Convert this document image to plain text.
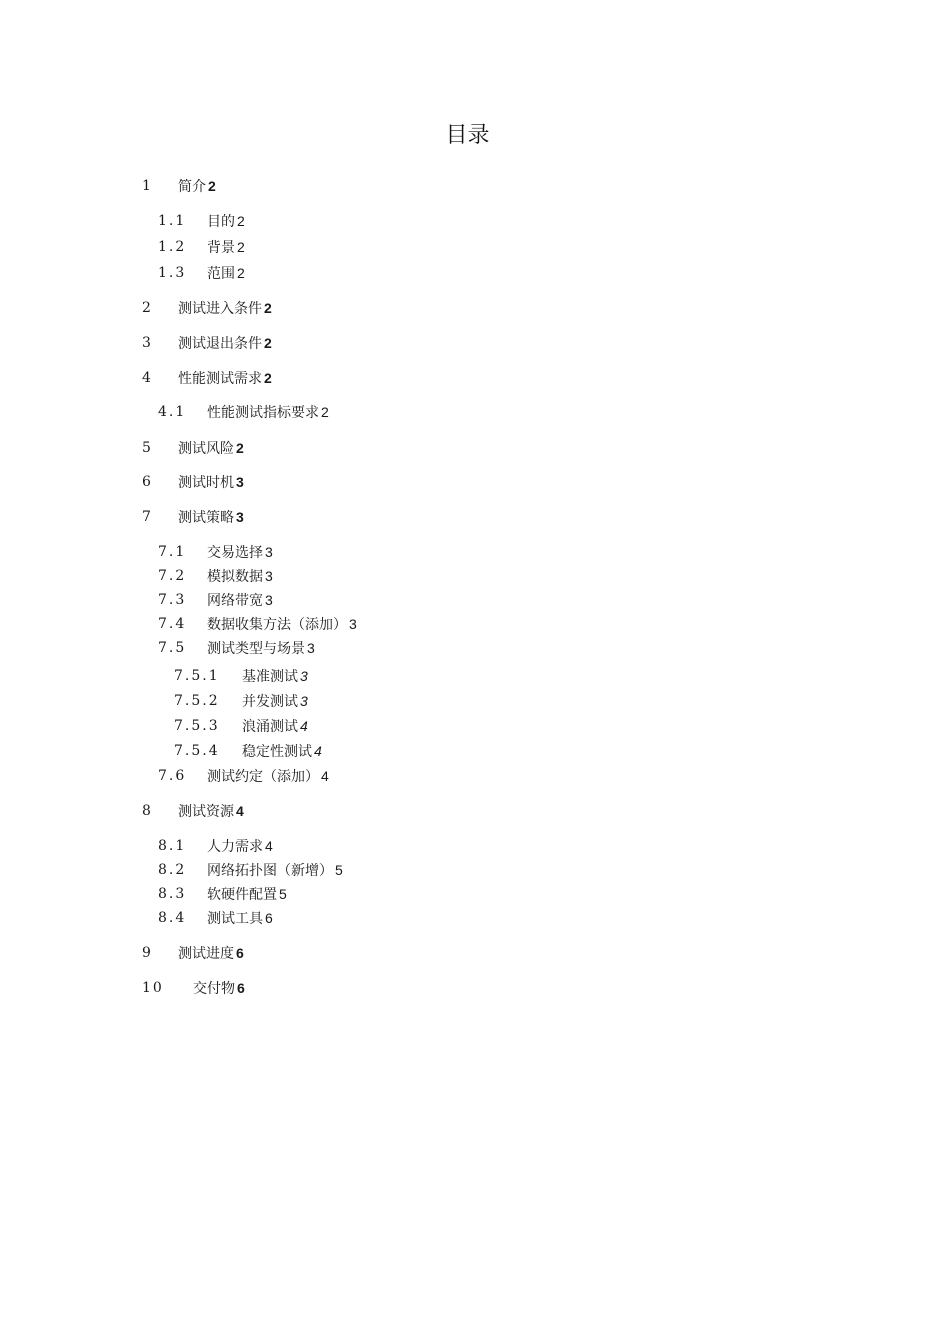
目录
1 简介 2
1.1 目的 2
1.2 背景 2
1.3 范围 2
2 测试进入条件 2
3 测试退出条件 2
4 性能测试需求 2
4.1 性能测试指标要求 2
5 测试风险 2
6 测试时机 3
7 测试策略 3
7.1 交易选择 3
7.2 模拟数据 3
7.3 网络带宽 3
7.4 数据收集方法（添加） 3
7.5 测试类型与场景 3
7.5.1 基准测试 3
7.5.2 并发测试 3
7.5.3 浪涌测试 4
7.5.4 稳定性测试 4
7.6 测试约定（添加） 4
8 测试资源 4
8.1 人力需求 4
8.2 网络拓扑图（新增） 5
8.3 软硬件配置 5
8.4 测试工具 6
9 测试进度 6
10 交付物 6
